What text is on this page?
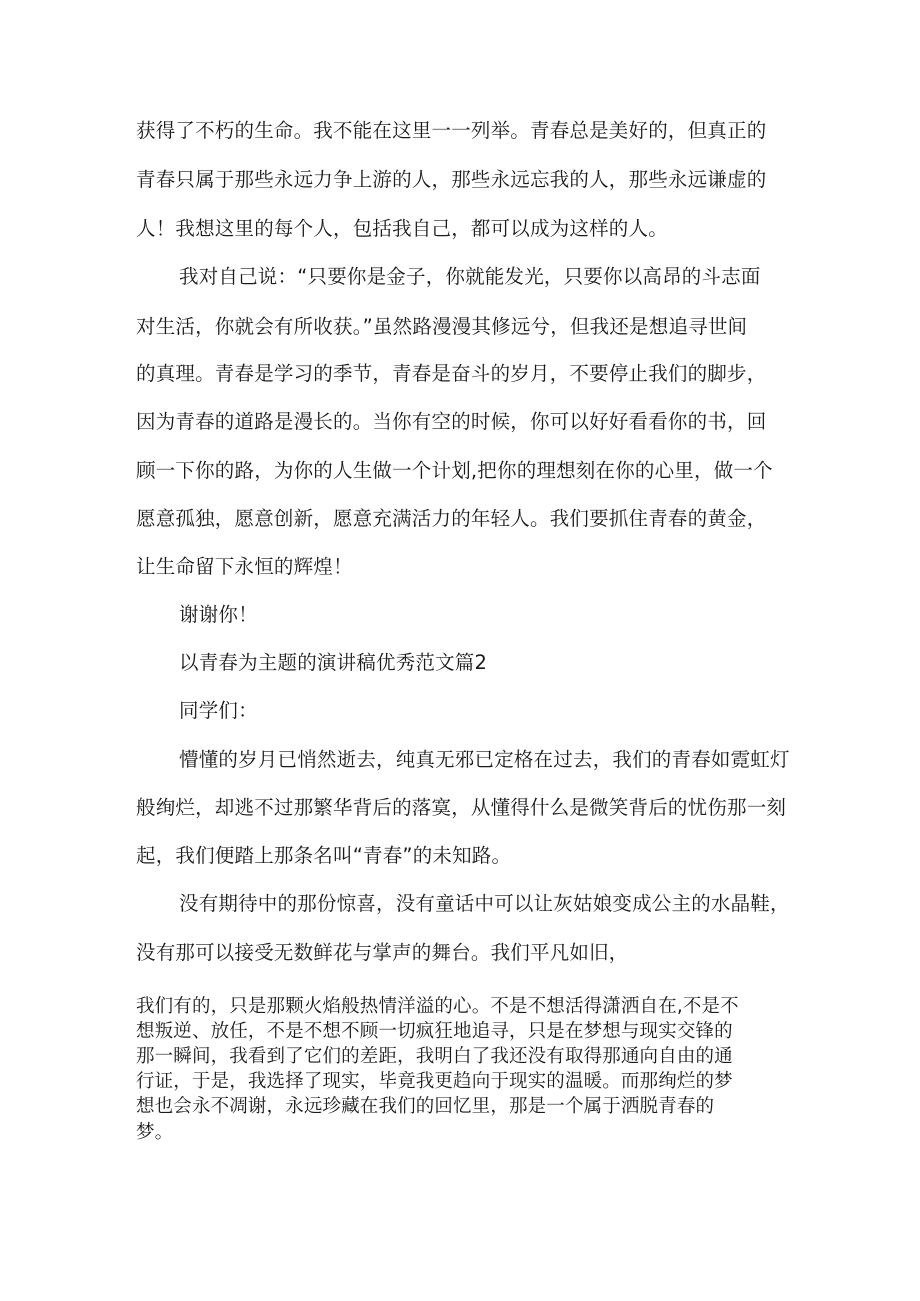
获得了不朽的生命。我不能在这里一一列举。青春总是美好的，但真正的
青春只属于那些永远力争上游的人，那些永远忘我的人，那些永远谦虚的
人！我想这里的每个人，包括我自己，都可以成为这样的人。
我对自己说：“只要你是金子，你就能发光，只要你以高昂的斗志面
对生活，你就会有所收获。”虽然路漫漫其修远兮，但我还是想追寻世间
的真理。青春是学习的季节，青春是奋斗的岁月，不要停止我们的脚步，
因为青春的道路是漫长的。当你有空的时候，你可以好好看看你的书，回
顾一下你的路，为你的人生做一个计划,把你的理想刻在你的心里，做一个
愿意孤独，愿意创新，愿意充满活力的年轻人。我们要抓住青春的黄金，
让生命留下永恒的辉煌！
谢谢你！
以青春为主题的演讲稿优秀范文篇2
同学们：
懵懂的岁月已悄然逝去，纯真无邪已定格在过去，我们的青春如霓虹灯
般绚烂，却逃不过那繁华背后的落寞，从懂得什么是微笑背后的忧伤那一刻
起，我们便踏上那条名叫“青春”的未知路。
没有期待中的那份惊喜，没有童话中可以让灰姑娘变成公主的水晶鞋，
没有那可以接受无数鲜花与掌声的舞台。我们平凡如旧，
我们有的，只是那颗火焰般热情洋溢的心。不是不想活得潇洒自在,不是不
想叛逆、放任，不是不想不顾一切疯狂地追寻，只是在梦想与现实交锋的
那一瞬间，我看到了它们的差距，我明白了我还没有取得那通向自由的通
行证，于是，我选择了现实，毕竟我更趋向于现实的温暖。而那绚烂的梦
想也会永不凋谢，永远珍藏在我们的回忆里，那是一个属于洒脱青春的
梦。
